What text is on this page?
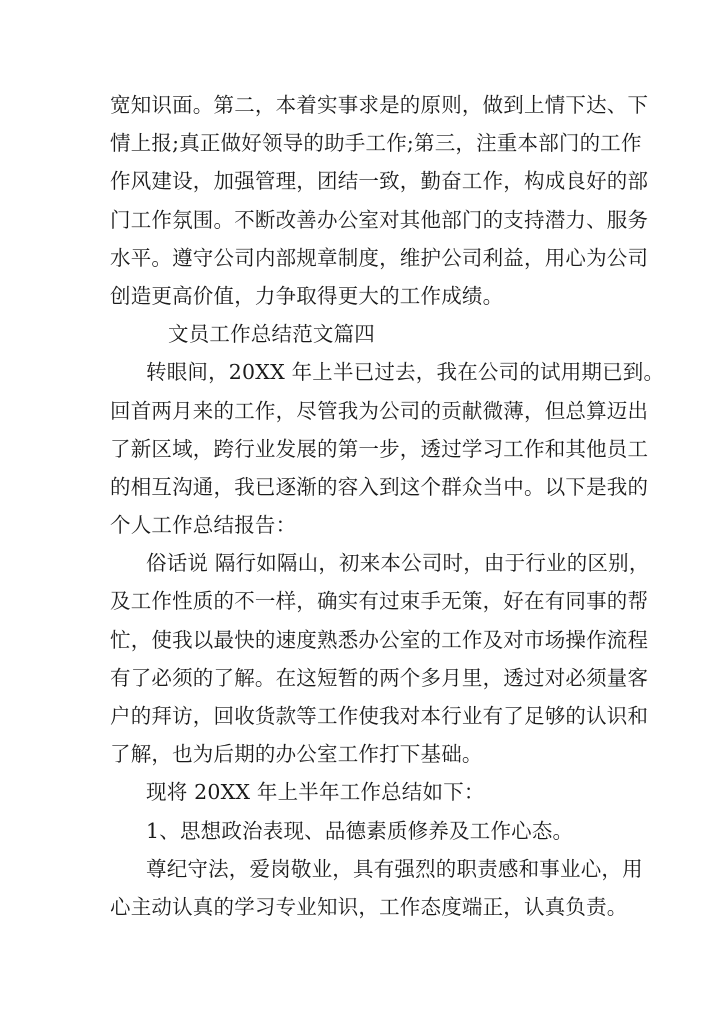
宽知识面。第二，本着实事求是的原则，做到上情下达、下
情上报;真正做好领导的助手工作;第三，注重本部门的工作
作风建设，加强管理，团结一致，勤奋工作，构成良好的部
门工作氛围。不断改善办公室对其他部门的支持潜力、服务
水平。遵守公司内部规章制度，维护公司利益，用心为公司
创造更高价值，力争取得更大的工作成绩。
文员工作总结范文篇四
转眼间，20XX 年上半已过去，我在公司的试用期已到。
回首两月来的工作，尽管我为公司的贡献微薄，但总算迈出
了新区域，跨行业发展的第一步，透过学习工作和其他员工
的相互沟通，我已逐渐的容入到这个群众当中。以下是我的
个人工作总结报告：
俗话说 隔行如隔山，初来本公司时，由于行业的区别，
及工作性质的不一样，确实有过束手无策，好在有同事的帮
忙，使我以最快的速度熟悉办公室的工作及对市场操作流程
有了必须的了解。在这短暂的两个多月里，透过对必须量客
户的拜访，回收货款等工作使我对本行业有了足够的认识和
了解，也为后期的办公室工作打下基础。
现将 20XX 年上半年工作总结如下：
1、思想政治表现、品德素质修养及工作心态。
尊纪守法，爱岗敬业，具有强烈的职责感和事业心，用
心主动认真的学习专业知识，工作态度端正，认真负责。
